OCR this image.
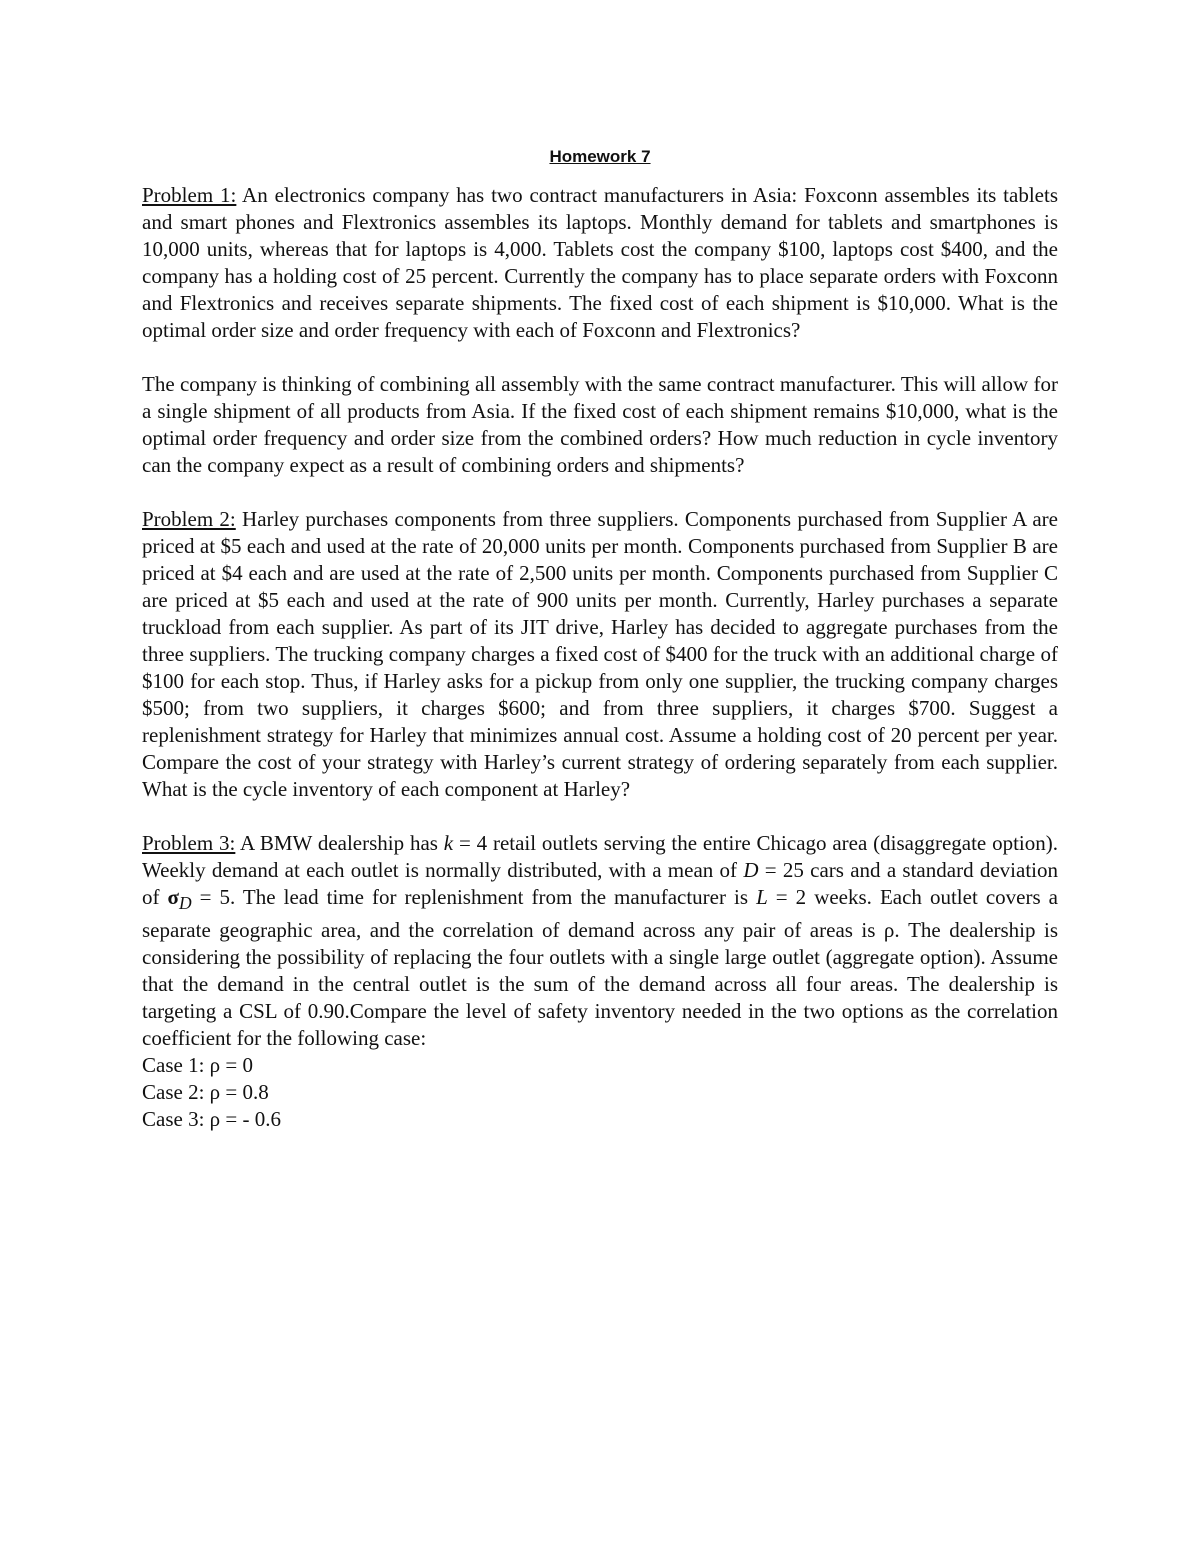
Homework 7

Problem 1: An electronics company has two contract manufacturers in Asia: Foxconn assembles its tablets and smart phones and Flextronics assembles its laptops. Monthly demand for tablets and smartphones is 10,000 units, whereas that for laptops is 4,000. Tablets cost the company $100, laptops cost $400, and the company has a holding cost of 25 percent. Currently the company has to place separate orders with Foxconn and Flextronics and receives separate shipments. The fixed cost of each shipment is $10,000. What is the optimal order size and order frequency with each of Foxconn and Flextronics?

The company is thinking of combining all assembly with the same contract manufacturer. This will allow for a single shipment of all products from Asia. If the fixed cost of each shipment remains $10,000, what is the optimal order frequency and order size from the combined orders? How much reduction in cycle inventory can the company expect as a result of combining orders and shipments?

Problem 2: Harley purchases components from three suppliers. Components purchased from Supplier A are priced at $5 each and used at the rate of 20,000 units per month. Components purchased from Supplier B are priced at $4 each and are used at the rate of 2,500 units per month. Components purchased from Supplier C are priced at $5 each and used at the rate of 900 units per month. Currently, Harley purchases a separate truckload from each supplier. As part of its JIT drive, Harley has decided to aggregate purchases from the three suppliers. The trucking company charges a fixed cost of $400 for the truck with an additional charge of $100 for each stop. Thus, if Harley asks for a pickup from only one supplier, the trucking company charges $500; from two suppliers, it charges $600; and from three suppliers, it charges $700. Suggest a replenishment strategy for Harley that minimizes annual cost. Assume a holding cost of 20 percent per year. Compare the cost of your strategy with Harley’s current strategy of ordering separately from each supplier. What is the cycle inventory of each component at Harley?

Problem 3: A BMW dealership has k = 4 retail outlets serving the entire Chicago area (disaggregate option). Weekly demand at each outlet is normally distributed, with a mean of D = 25 cars and a standard deviation of $\sigma_D = 5$. The lead time for replenishment from the manufacturer is L = 2 weeks. Each outlet covers a separate geographic area, and the correlation of demand across any pair of areas is ρ. The dealership is considering the possibility of replacing the four outlets with a single large outlet (aggregate option). Assume that the demand in the central outlet is the sum of the demand across all four areas. The dealership is targeting a CSL of 0.90.Compare the level of safety inventory needed in the two options as the correlation coefficient for the following case:

Case 1: ρ = 0
Case 2: ρ = 0.8
Case 3: ρ = - 0.6
